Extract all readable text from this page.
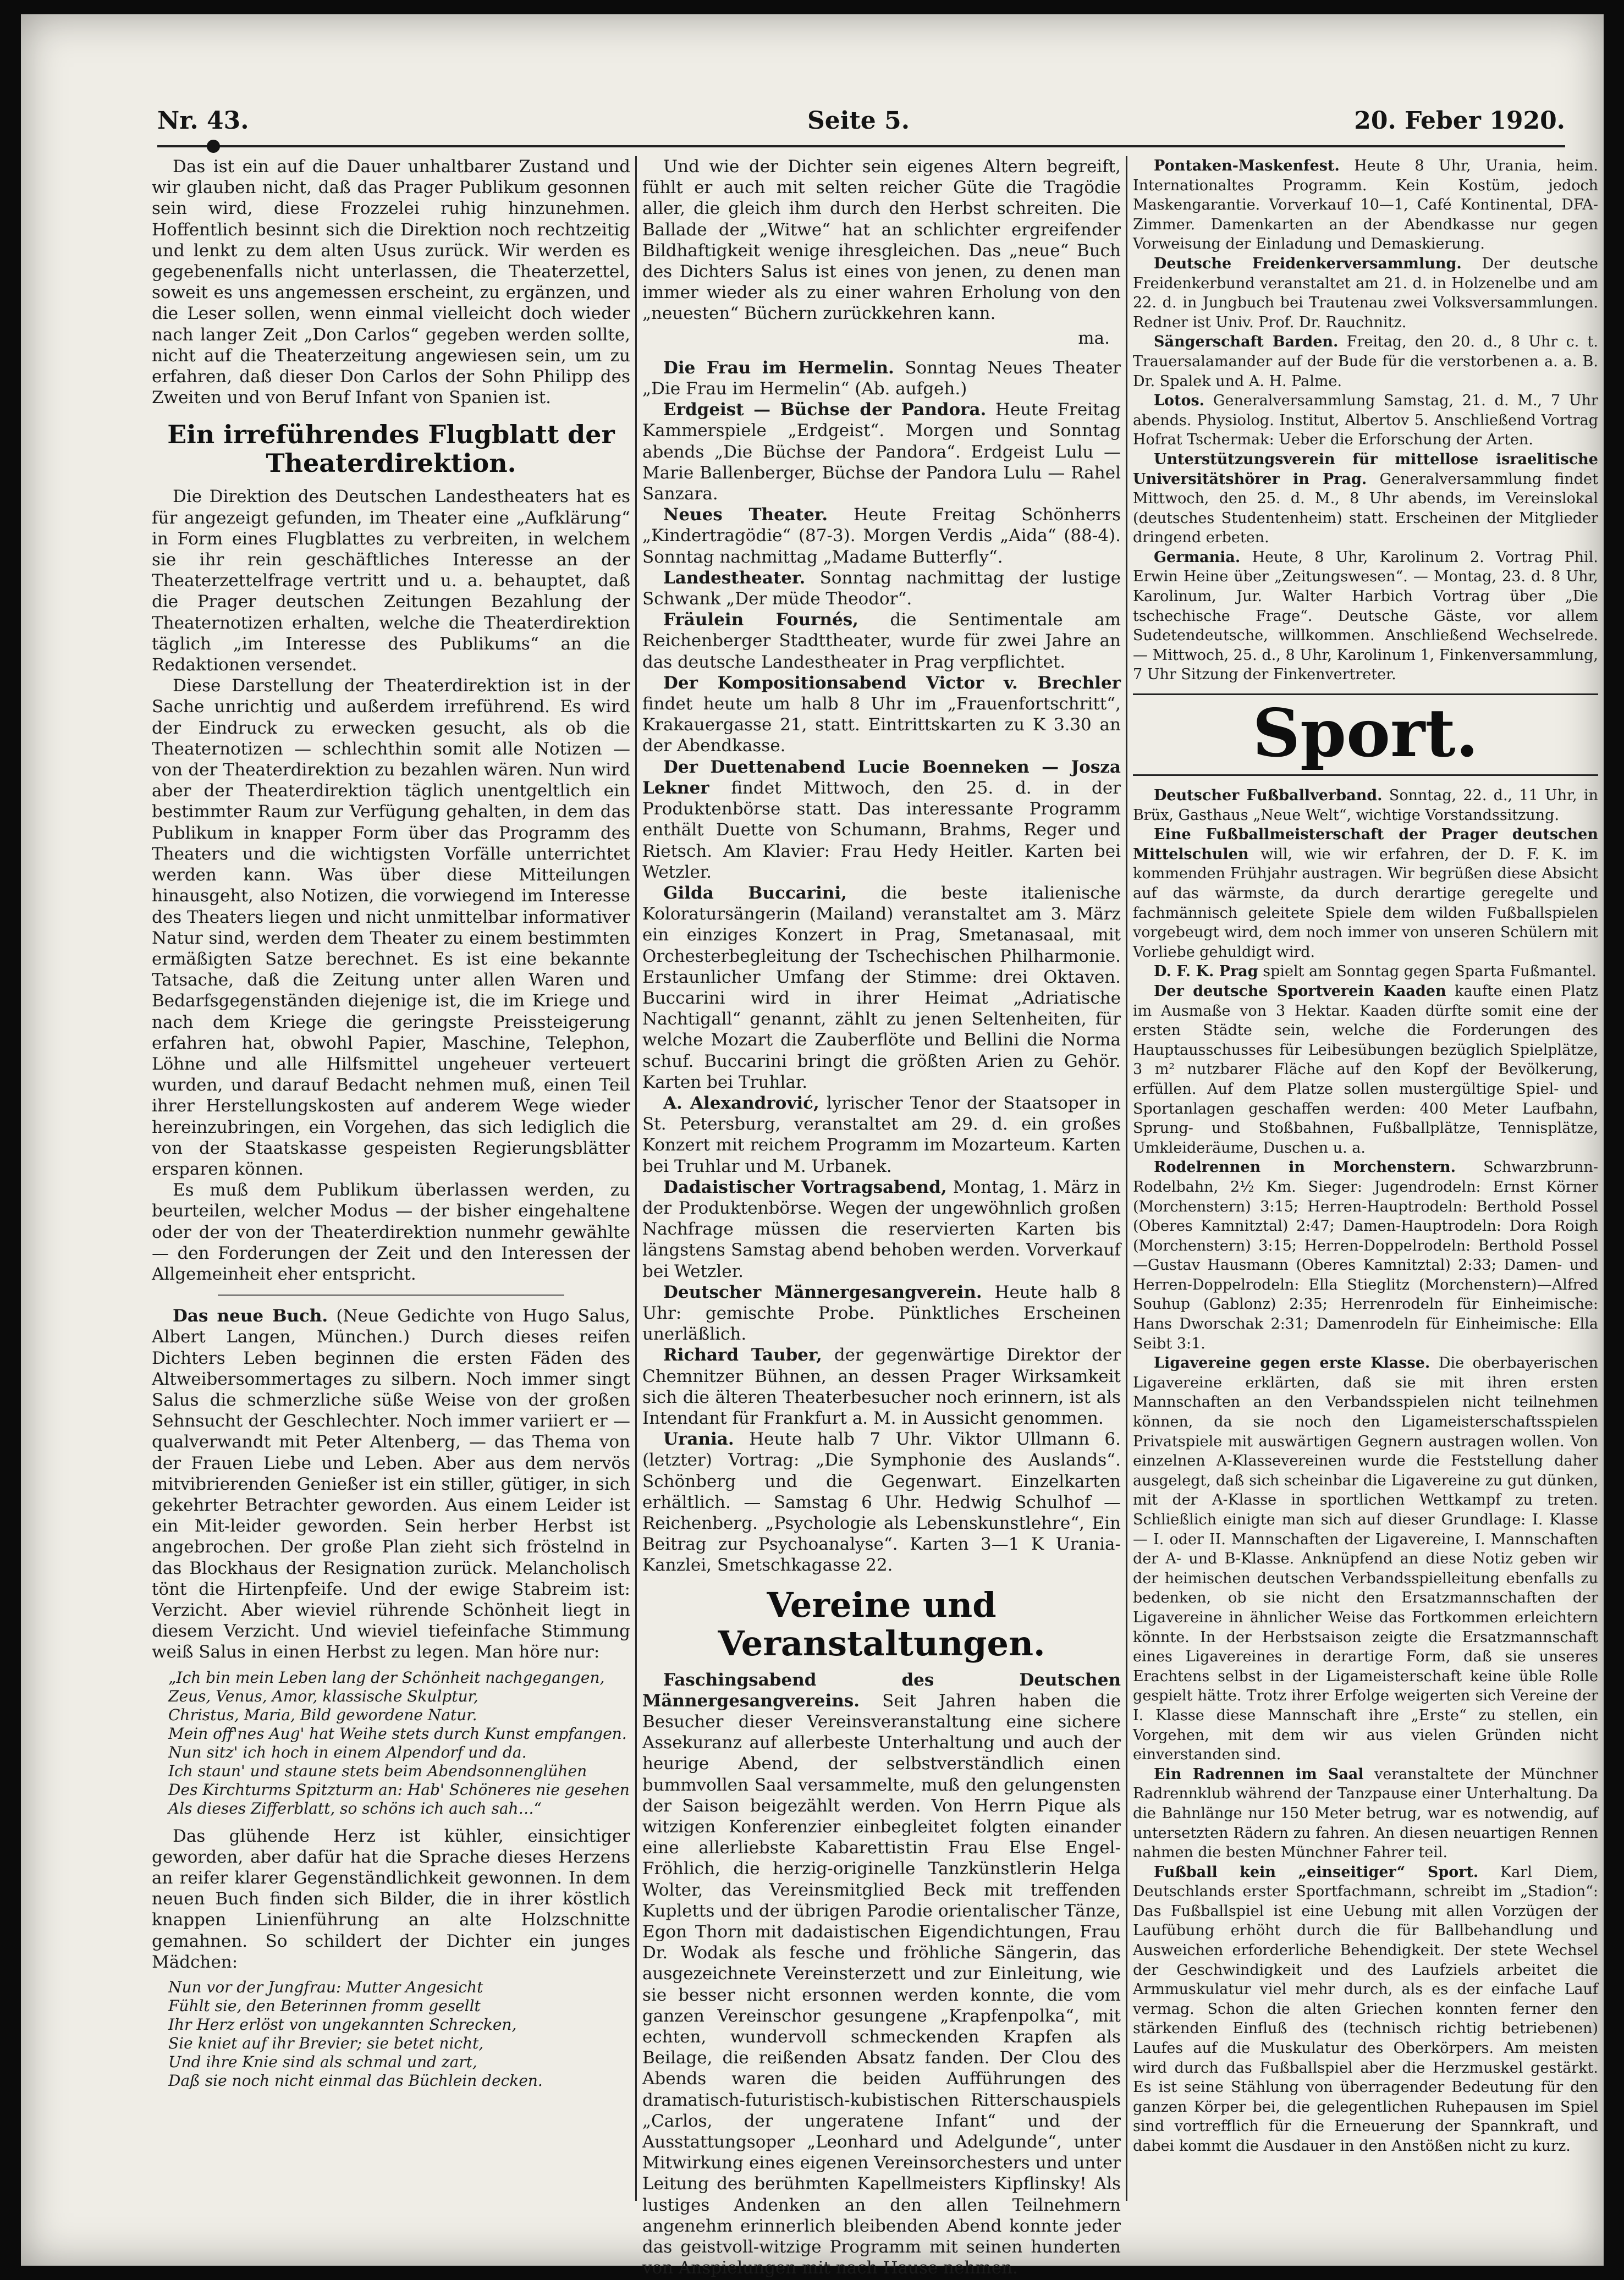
Nr. 43.	Seite 5.	20. Feber 1920.

Das ist ein auf die Dauer unhaltbarer Zustand und wir glauben nicht, daß das Prager Publikum gesonnen sein wird, diese Frozzelei ruhig hinzunehmen. Hoffentlich besinnt sich die Direktion noch rechtzeitig und lenkt zu dem alten Usus zurück. Wir werden es gegebenenfalls nicht unterlassen, die Theaterzettel, soweit es uns angemessen erscheint, zu ergänzen, und die Leser sollen, wenn einmal vielleicht doch wieder nach langer Zeit „Don Carlos“ gegeben werden sollte, nicht auf die Theaterzeitung angewiesen sein, um zu erfahren, daß dieser Don Carlos der Sohn Philipp des Zweiten und von Beruf Infant von Spanien ist.

Ein irreführendes Flugblatt der Theaterdirektion.

Die Direktion des Deutschen Landestheaters hat es für angezeigt gefunden, im Theater eine „Aufklärung“ in Form eines Flugblattes zu verbreiten, in welchem sie ihr rein geschäftliches Interesse an der Theaterzettelfrage vertritt und u. a. behauptet, daß die Prager deutschen Zeitungen Bezahlung der Theaternotizen erhalten, welche die Theaterdirektion täglich „im Interesse des Publikums“ an die Redaktionen versendet.

Diese Darstellung der Theaterdirektion ist in der Sache unrichtig und außerdem irreführend. Es wird der Eindruck zu erwecken gesucht, als ob die Theaternotizen — schlechthin somit alle Notizen — von der Theaterdirektion zu bezahlen wären. Nun wird aber der Theaterdirektion täglich unentgeltlich ein bestimmter Raum zur Verfügung gehalten, in dem das Publikum in knapper Form über das Programm des Theaters und die wichtigsten Vorfälle unterrichtet werden kann. Was über diese Mitteilungen hinausgeht, also Notizen, die vorwiegend im Interesse des Theaters liegen und nicht unmittelbar informativer Natur sind, werden dem Theater zu einem bestimmten ermäßigten Satze berechnet. Es ist eine bekannte Tatsache, daß die Zeitung unter allen Waren und Bedarfsgegenständen diejenige ist, die im Kriege und nach dem Kriege die geringste Preissteigerung erfahren hat, obwohl Papier, Maschine, Telephon, Löhne und alle Hilfsmittel ungeheuer verteuert wurden, und darauf Bedacht nehmen muß, einen Teil ihrer Herstellungskosten auf anderem Wege wieder hereinzubringen, ein Vorgehen, das sich lediglich die von der Staatskasse gespeisten Regierungsblätter ersparen können.

Es muß dem Publikum überlassen werden, zu beurteilen, welcher Modus — der bisher eingehaltene oder der von der Theaterdirektion nunmehr gewählte — den Forderungen der Zeit und den Interessen der Allgemeinheit eher entspricht.

Das neue Buch. (Neue Gedichte von Hugo Salus, Albert Langen, München.) Durch dieses reifen Dichters Leben beginnen die ersten Fäden des Altweibersommertages zu silbern. Noch immer singt Salus die schmerzliche süße Weise von der großen Sehnsucht der Geschlechter. Noch immer variiert er — qualverwandt mit Peter Altenberg, — das Thema von der Frauen Liebe und Leben. Aber aus dem nervös mitvibrierenden Genießer ist ein stiller, gütiger, in sich gekehrter Betrachter geworden. Aus einem Leider ist ein Mit-leider geworden. Sein herber Herbst ist angebrochen. Der große Plan zieht sich fröstelnd in das Blockhaus der Resignation zurück. Melancholisch tönt die Hirtenpfeife. Und der ewige Stabreim ist: Verzicht. Aber wieviel rührende Schönheit liegt in diesem Verzicht. Und wieviel tiefeinfache Stimmung weiß Salus in einen Herbst zu legen. Man höre nur:

„Ich bin mein Leben lang der Schönheit nachgegangen,
Zeus, Venus, Amor, klassische Skulptur,
Christus, Maria, Bild gewordene Natur.
Mein off'nes Aug' hat Weihe stets durch Kunst empfangen.
Nun sitz' ich hoch in einem Alpendorf und da.
Ich staun' und staune stets beim Abendsonnenglühen
Des Kirchturms Spitzturm an: Hab' Schöneres nie gesehen
Als dieses Zifferblatt, so schöns ich auch sah…“

Das glühende Herz ist kühler, einsichtiger geworden, aber dafür hat die Sprache dieses Herzens an reifer klarer Gegenständlichkeit gewonnen. In dem neuen Buch finden sich Bilder, die in ihrer köstlich knappen Linienführung an alte Holzschnitte gemahnen. So schildert der Dichter ein junges Mädchen:

Nun vor der Jungfrau: Mutter Angesicht
Fühlt sie, den Beterinnen fromm gesellt
Ihr Herz erlöst von ungekannten Schrecken,
Sie kniet auf ihr Brevier; sie betet nicht,
Und ihre Knie sind als schmal und zart,
Daß sie noch nicht einmal das Büchlein decken.

Und wie der Dichter sein eigenes Altern begreift, fühlt er auch mit selten reicher Güte die Tragödie aller, die gleich ihm durch den Herbst schreiten. Die Ballade der „Witwe“ hat an schlichter ergreifender Bildhaftigkeit wenige ihresgleichen. Das „neue“ Buch des Dichters Salus ist eines von jenen, zu denen man immer wieder als zu einer wahren Erholung von den „neuesten“ Büchern zurückkehren kann.

ma.

Die Frau im Hermelin. Sonntag Neues Theater „Die Frau im Hermelin“ (Ab. aufgeh.)

Erdgeist — Büchse der Pandora. Heute Freitag Kammerspiele „Erdgeist“. Morgen und Sonntag abends „Die Büchse der Pandora“. Erdgeist Lulu — Marie Ballenberger, Büchse der Pandora Lulu — Rahel Sanzara.

Neues Theater. Heute Freitag Schönherrs „Kindertragödie“ (87-3). Morgen Verdis „Aida“ (88-4). Sonntag nachmittag „Madame Butterfly“.

Landestheater. Sonntag nachmittag der lustige Schwank „Der müde Theodor“.

Fräulein Fournés, die Sentimentale am Reichenberger Stadttheater, wurde für zwei Jahre an das deutsche Landestheater in Prag verpflichtet.

Der Kompositionsabend Victor v. Brechler findet heute um halb 8 Uhr im „Frauenfortschritt“, Krakauergasse 21, statt. Eintrittskarten zu K 3.30 an der Abendkasse.

Der Duettenabend Lucie Boenneken — Josza Lekner findet Mittwoch, den 25. d. in der Produktenbörse statt. Das interessante Programm enthält Duette von Schumann, Brahms, Reger und Rietsch. Am Klavier: Frau Hedy Heitler. Karten bei Wetzler.

Gilda Buccarini, die beste italienische Koloratursängerin (Mailand) veranstaltet am 3. März ein einziges Konzert in Prag, Smetanasaal, mit Orchesterbegleitung der Tschechischen Philharmonie. Erstaunlicher Umfang der Stimme: drei Oktaven. Buccarini wird in ihrer Heimat „Adriatische Nachtigall“ genannt, zählt zu jenen Seltenheiten, für welche Mozart die Zauberflöte und Bellini die Norma schuf. Buccarini bringt die größten Arien zu Gehör. Karten bei Truhlar.

A. Alexandrović, lyrischer Tenor der Staatsoper in St. Petersburg, veranstaltet am 29. d. ein großes Konzert mit reichem Programm im Mozarteum. Karten bei Truhlar und M. Urbanek.

Dadaistischer Vortragsabend, Montag, 1. März in der Produktenbörse. Wegen der ungewöhnlich großen Nachfrage müssen die reservierten Karten bis längstens Samstag abend behoben werden. Vorverkauf bei Wetzler.

Deutscher Männergesangverein. Heute halb 8 Uhr: gemischte Probe. Pünktliches Erscheinen unerläßlich.

Richard Tauber, der gegenwärtige Direktor der Chemnitzer Bühnen, an dessen Prager Wirksamkeit sich die älteren Theaterbesucher noch erinnern, ist als Intendant für Frankfurt a. M. in Aussicht genommen.

Urania. Heute halb 7 Uhr. Viktor Ullmann 6. (letzter) Vortrag: „Die Symphonie des Auslands“. Schönberg und die Gegenwart. Einzelkarten erhältlich. — Samstag 6 Uhr. Hedwig Schulhof — Reichenberg. „Psychologie als Lebenskunstlehre“, Ein Beitrag zur Psychoanalyse“. Karten 3—1 K Urania-Kanzlei, Smetschkagasse 22.

Vereine und Veranstaltungen.

Faschingsabend des Deutschen Männergesangvereins. Seit Jahren haben die Besucher dieser Vereinsveranstaltung eine sichere Assekuranz auf allerbeste Unterhaltung und auch der heurige Abend, der selbstverständlich einen bummvollen Saal versammelte, muß den gelungensten der Saison beigezählt werden. Von Herrn Pique als witzigen Konferenzier einbegleitet folgten einander eine allerliebste Kabarettistin Frau Else Engel-Fröhlich, die herzig-originelle Tanzkünstlerin Helga Wolter, das Vereinsmitglied Beck mit treffenden Kupletts und der übrigen Parodie orientalischer Tänze, Egon Thorn mit dadaistischen Eigendichtungen, Frau Dr. Wodak als fesche und fröhliche Sängerin, das ausgezeichnete Vereinsterzett und zur Einleitung, wie sie besser nicht ersonnen werden konnte, die vom ganzen Vereinschor gesungene „Krapfenpolka“, mit echten, wundervoll schmeckenden Krapfen als Beilage, die reißenden Absatz fanden. Der Clou des Abends waren die beiden Aufführungen des dramatisch-futuristisch-kubistischen Ritterschauspiels „Carlos, der ungeratene Infant“ und der Ausstattungsoper „Leonhard und Adelgunde“, unter Mitwirkung eines eigenen Vereinsorchesters und unter Leitung des berühmten Kapellmeisters Kipflinsky! Als lustiges Andenken an den allen Teilnehmern angenehm erinnerlich bleibenden Abend konnte jeder das geistvoll-witzige Programm mit seinen hunderten von Anspielungen mit nach Hause nehmen.

Pontaken-Maskenfest. Heute 8 Uhr, Urania, heim. Internationaltes Programm. Kein Kostüm, jedoch Maskengarantie. Vorverkauf 10—1, Café Kontinental, DFA-Zimmer. Damenkarten an der Abendkasse nur gegen Vorweisung der Einladung und Demaskierung.

Deutsche Freidenkerversammlung. Der deutsche Freidenkerbund veranstaltet am 21. d. in Holzenelbe und am 22. d. in Jungbuch bei Trautenau zwei Volksversammlungen. Redner ist Univ. Prof. Dr. Rauchnitz.

Sängerschaft Barden. Freitag, den 20. d., 8 Uhr c. t. Trauersalamander auf der Bude für die verstorbenen a. a. B. Dr. Spalek und A. H. Palme.

Lotos. Generalversammlung Samstag, 21. d. M., 7 Uhr abends. Physiolog. Institut, Albertov 5. Anschließend Vortrag Hofrat Tschermak: Ueber die Erforschung der Arten.

Unterstützungsverein für mittellose israelitische Universitätshörer in Prag. Generalversammlung findet Mittwoch, den 25. d. M., 8 Uhr abends, im Vereinslokal (deutsches Studentenheim) statt. Erscheinen der Mitglieder dringend erbeten.

Germania. Heute, 8 Uhr, Karolinum 2. Vortrag Phil. Erwin Heine über „Zeitungswesen“. — Montag, 23. d. 8 Uhr, Karolinum, Jur. Walter Harbich Vortrag über „Die tschechische Frage“. Deutsche Gäste, vor allem Sudetendeutsche, willkommen. Anschließend Wechselrede. — Mittwoch, 25. d., 8 Uhr, Karolinum 1, Finkenversammlung, 7 Uhr Sitzung der Finkenvertreter.

Sport.

Deutscher Fußballverband. Sonntag, 22. d., 11 Uhr, in Brüx, Gasthaus „Neue Welt“, wichtige Vorstandssitzung.

Eine Fußballmeisterschaft der Prager deutschen Mittelschulen will, wie wir erfahren, der D. F. K. im kommenden Frühjahr austragen. Wir begrüßen diese Absicht auf das wärmste, da durch derartige geregelte und fachmännisch geleitete Spiele dem wilden Fußballspielen vorgebeugt wird, dem noch immer von unseren Schülern mit Vorliebe gehuldigt wird.

D. F. K. Prag spielt am Sonntag gegen Sparta Fußmantel.

Der deutsche Sportverein Kaaden kaufte einen Platz im Ausmaße von 3 Hektar. Kaaden dürfte somit eine der ersten Städte sein, welche die Forderungen des Hauptausschusses für Leibesübungen bezüglich Spielplätze, 3 m² nutzbarer Fläche auf den Kopf der Bevölkerung, erfüllen. Auf dem Platze sollen mustergültige Spiel- und Sportanlagen geschaffen werden: 400 Meter Laufbahn, Sprung- und Stoßbahnen, Fußballplätze, Tennisplätze, Umkleideräume, Duschen u. a.

Rodelrennen in Morchenstern. Schwarzbrunn-Rodelbahn, 2½ Km. Sieger: Jugendrodeln: Ernst Körner (Morchenstern) 3:15; Herren-Hauptrodeln: Berthold Possel (Oberes Kamnitztal) 2:47; Damen-Hauptrodeln: Dora Roigh (Morchenstern) 3:15; Herren-Doppelrodeln: Berthold Possel—Gustav Hausmann (Oberes Kamnitztal) 2:33; Damen- und Herren-Doppelrodeln: Ella Stieglitz (Morchenstern)—Alfred Souhup (Gablonz) 2:35; Herrenrodeln für Einheimische: Hans Dworschak 2:31; Damenrodeln für Einheimische: Ella Seibt 3:1.

Ligavereine gegen erste Klasse. Die oberbayerischen Ligavereine erklärten, daß sie mit ihren ersten Mannschaften an den Verbandsspielen nicht teilnehmen können, da sie noch den Ligameisterschaftsspielen Privatspiele mit auswärtigen Gegnern austragen wollen. Von einzelnen A-Klassevereinen wurde die Feststellung daher ausgelegt, daß sich scheinbar die Ligavereine zu gut dünken, mit der A-Klasse in sportlichen Wettkampf zu treten. Schließlich einigte man sich auf dieser Grundlage: I. Klasse — I. oder II. Mannschaften der Ligavereine, I. Mannschaften der A- und B-Klasse. Anknüpfend an diese Notiz geben wir der heimischen deutschen Verbandsspielleitung ebenfalls zu bedenken, ob sie nicht den Ersatzmannschaften der Ligavereine in ähnlicher Weise das Fortkommen erleichtern könnte. In der Herbstsaison zeigte die Ersatzmannschaft eines Ligavereines in derartige Form, daß sie unseres Erachtens selbst in der Ligameisterschaft keine üble Rolle gespielt hätte. Trotz ihrer Erfolge weigerten sich Vereine der I. Klasse diese Mannschaft ihre „Erste“ zu stellen, ein Vorgehen, mit dem wir aus vielen Gründen nicht einverstanden sind.

Ein Radrennen im Saal veranstaltete der Münchner Radrennklub während der Tanzpause einer Unterhaltung. Da die Bahnlänge nur 150 Meter betrug, war es notwendig, auf untersetzten Rädern zu fahren. An diesen neuartigen Rennen nahmen die besten Münchner Fahrer teil.

Fußball kein „einseitiger“ Sport. Karl Diem, Deutschlands erster Sportfachmann, schreibt im „Stadion“: Das Fußballspiel ist eine Uebung mit allen Vorzügen der Laufübung erhöht durch die für Ballbehandlung und Ausweichen erforderliche Behendigkeit. Der stete Wechsel der Geschwindigkeit und des Laufziels arbeitet die Armmuskulatur viel mehr durch, als es der einfache Lauf vermag. Schon die alten Griechen konnten ferner den stärkenden Einfluß des (technisch richtig betriebenen) Laufes auf die Muskulatur des Oberkörpers. Am meisten wird durch das Fußballspiel aber die Herzmuskel gestärkt. Es ist seine Stählung von überragender Bedeutung für den ganzen Körper bei, die gelegentlichen Ruhepausen im Spiel sind vortrefflich für die Erneuerung der Spannkraft, und dabei kommt die Ausdauer in den Anstößen nicht zu kurz.
